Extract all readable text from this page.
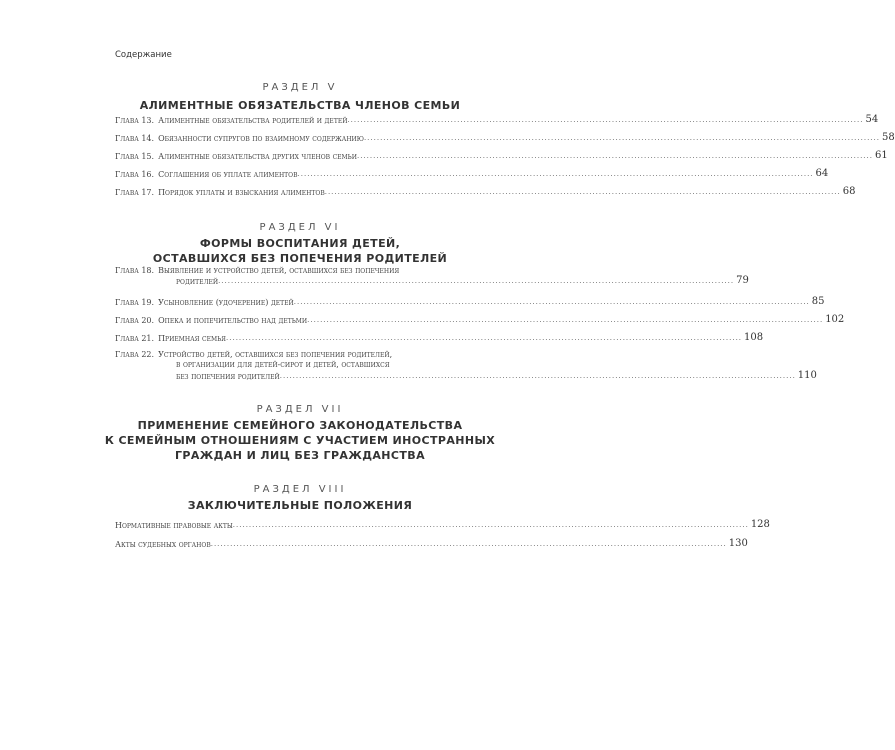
Содержание
РАЗДЕЛ V
АЛИМЕНТНЫЕ ОБЯЗАТЕЛЬСТВА ЧЛЕНОВ СЕМЬИ
Глава 13. Алиментные обязательства родителей и детей .....	54
Глава 14. Обязанности супругов по взаимному содержанию .....	58
Глава 15. Алиментные обязательства других членов семьи .....	61
Глава 16. Соглашения об уплате алиментов .....	64
Глава 17. Порядок уплаты и взыскания алиментов .....	68
РАЗДЕЛ VI
ФОРМЫ ВОСПИТАНИЯ ДЕТЕЙ,
ОСТАВШИХСЯ БЕЗ ПОПЕЧЕНИЯ РОДИТЕЛЕЙ
Глава 18. Выявление и устройство детей, оставшихся без попечения
родителей .....	79
Глава 19. Усыновление (удочерение) детей .....	85
Глава 20. Опека и попечительство над детьми .....	102
Глава 21. Приемная семья .....	108
Глава 22. Устройство детей, оставшихся без попечения родителей,
в организации для детей-сирот и детей, оставшихся
без попечения родителей .....	110
РАЗДЕЛ VII
ПРИМЕНЕНИЕ СЕМЕЙНОГО ЗАКОНОДАТЕЛЬСТВА
К СЕМЕЙНЫМ ОТНОШЕНИЯМ С УЧАСТИЕМ ИНОСТРАННЫХ
ГРАЖДАН И ЛИЦ БЕЗ ГРАЖДАНСТВА
РАЗДЕЛ VIII
ЗАКЛЮЧИТЕЛЬНЫЕ ПОЛОЖЕНИЯ
Нормативные правовые акты .....	128
Акты судебных органов .....	130
